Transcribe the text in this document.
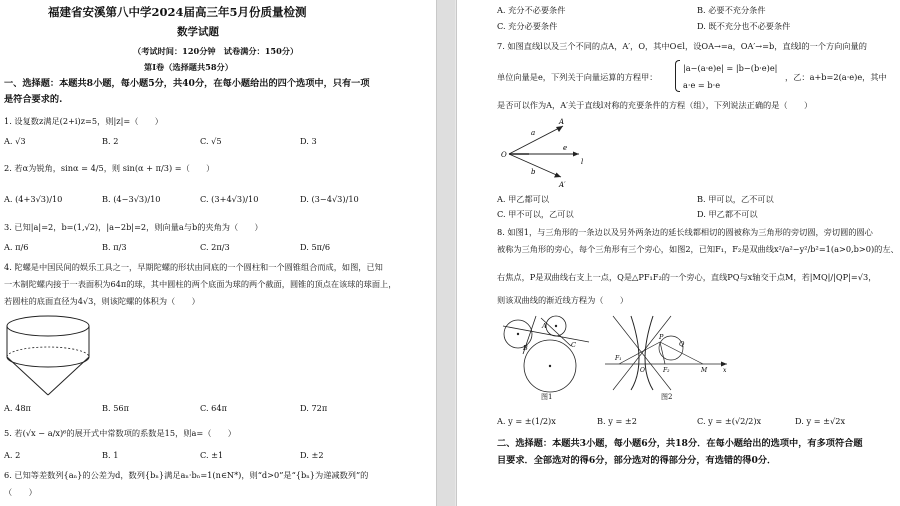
福建省安溪第八中学2024届高三年5月份质量检测
数学试题
（考试时间：120分钟　试卷满分：150分）
第Ⅰ卷（选择题共58分）
一、选择题：本题共8小题，每小题5分，共40分，在每小题给出的四个选项中，只有一项
是符合要求的.
1. 设复数z满足(2+i)z=5，则|z|=（　　）
A. √3	B. 2	C. √5	D. 3
2. 若α为锐角，sinα = 4/5，则 sin(α + π/3) =（　　）
A. (4+3√3)/10	B. (4−3√3)/10	C. (3+4√3)/10	D. (3−4√3)/10
3. 已知|a|=2，b=(1,√2)，|a−2b|=2，则向量a与b的夹角为（　　）
A. π/6	B. π/3	C. 2π/3	D. 5π/6
4. 陀螺是中国民间的娱乐工具之一，早期陀螺的形状由同底的一个圆柱和一个圆锥组合而成，如图，已知
一木制陀螺内接于一表面积为64π的球，其中圆柱的两个底面为球的两个截面，圆锥的顶点在该球的球面上，
若圆柱的底面直径为4√3，则该陀螺的体积为（　　）
A. 48π	B. 56π	C. 64π	D. 72π
5. 若(√x − a/x)⁶的展开式中常数项的系数是15，则a=（　　）
A. 2	B. 1	C. ±1	D. ±2
6. 已知等差数列{aₙ}的公差为d，数列{bₙ}满足aₙ·bₙ=1(n∈N*)，则“d>0”是“{bₙ}为递减数列”的
（　　）
A. 充分不必要条件	B. 必要不充分条件
C. 充分必要条件	D. 既不充分也不必要条件
7. 如图直线l以及三个不同的点A，A′，O，其中O∈l，设OA→=a，OA′→=b，直线l的一个方向向量的
单位向量是e，下列关于向量运算的方程甲：
|a−(a·e)e| = |b−(b·e)e|
a·e = b·e
，乙：a+b=2(a·e)e，其中
是否可以作为A，A′关于直线l对称的充要条件的方程（组），下列说法正确的是（　　）
O
A
a
e
l
b
A′
A. 甲乙都可以	B. 甲可以，乙不可以
C. 甲不可以，乙可以	D. 甲乙都不可以
8. 如图1，与三角形的一条边以及另外两条边的延长线都相切的圆被称为三角形的旁切圆，旁切圆的圆心
被称为三角形的旁心，每个三角形有三个旁心，如图2，已知F₁，F₂是双曲线x²/a²−y²/b²=1(a>0,b>0)的左、
右焦点，P是双曲线右支上一点，Q是△PF₁F₂的一个旁心，直线PQ与x轴交于点M，若|MQ|/|QP|=√3，
则该双曲线的渐近线方程为（　　）
A
B	C
图1
P
Q
F₁
O	F₂	M	x
图2
A. y = ±(1/2)x	B. y = ±2	C. y = ±(√2/2)x	D. y = ±√2x
二、选择题：本题共3小题，每小题6分，共18分．在每小题给出的选项中，有多项符合题
目要求．全部选对的得6分，部分选对的得部分分，有选错的得0分．
